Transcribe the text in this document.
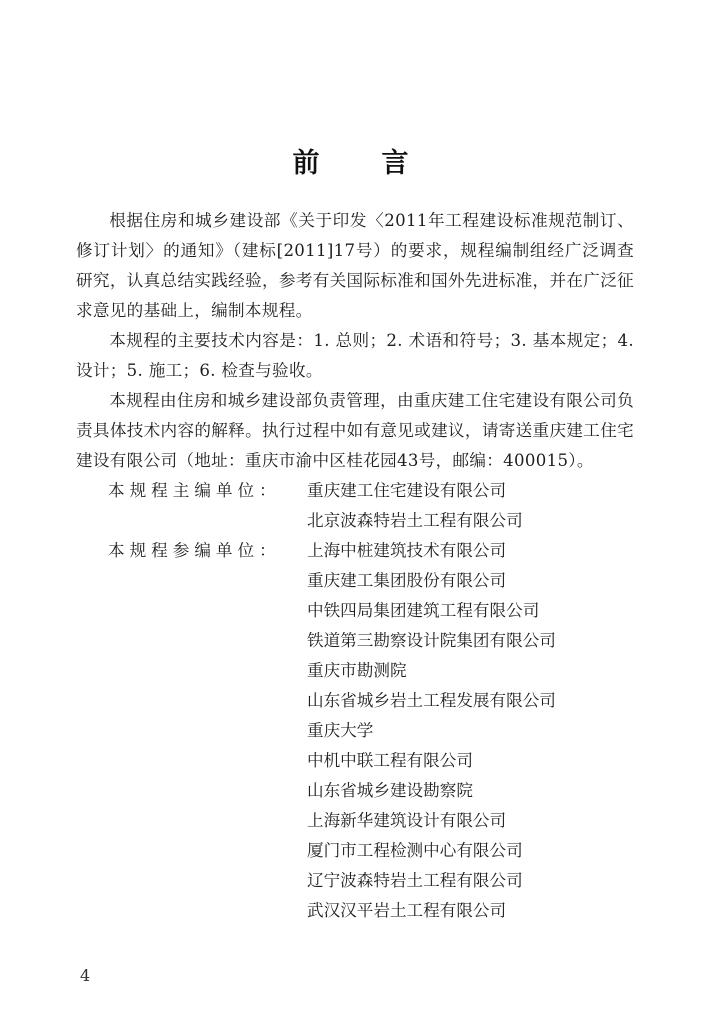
前言

根据住房和城乡建设部《关于印发〈2011年工程建设标准规范制订、修订计划〉的通知》（建标[2011]17号）的要求，规程编制组经广泛调查研究，认真总结实践经验，参考有关国际标准和国外先进标准，并在广泛征求意见的基础上，编制本规程。

本规程的主要技术内容是：1. 总则；2. 术语和符号；3. 基本规定；4. 设计；5. 施工；6. 检查与验收。

本规程由住房和城乡建设部负责管理，由重庆建工住宅建设有限公司负责具体技术内容的解释。执行过程中如有意见或建议，请寄送重庆建工住宅建设有限公司（地址：重庆市渝中区桂花园43号，邮编：400015）。

本规程主编单位：	重庆建工住宅建设有限公司
北京波森特岩土工程有限公司
本规程参编单位：	上海中桩建筑技术有限公司
重庆建工集团股份有限公司
中铁四局集团建筑工程有限公司
铁道第三勘察设计院集团有限公司
重庆市勘测院
山东省城乡岩土工程发展有限公司
重庆大学
中机中联工程有限公司
山东省城乡建设勘察院
上海新华建筑设计有限公司
厦门市工程检测中心有限公司
辽宁波森特岩土工程有限公司
武汉汉平岩土工程有限公司
4
